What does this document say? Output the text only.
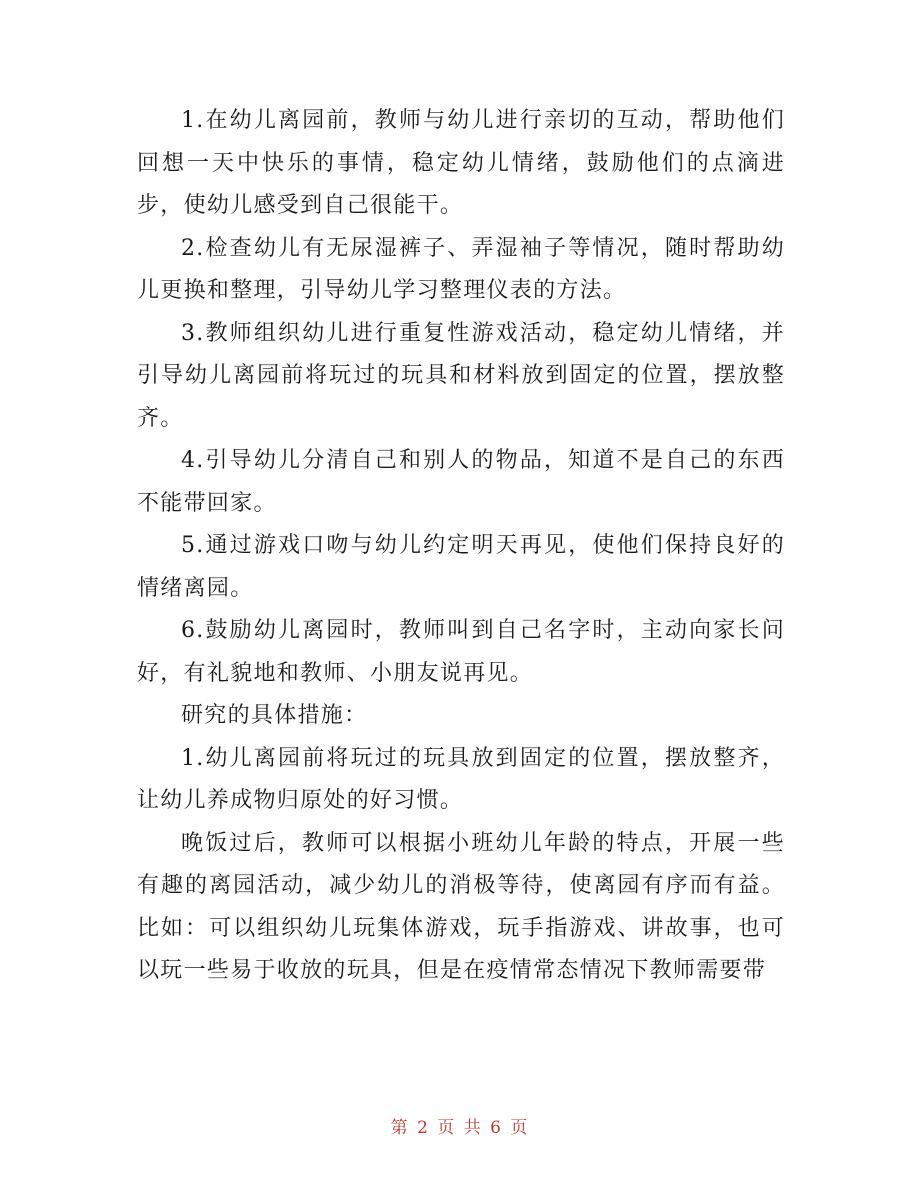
1.在幼儿离园前，教师与幼儿进行亲切的互动，帮助他们回想一天中快乐的事情，稳定幼儿情绪，鼓励他们的点滴进步，使幼儿感受到自己很能干。

2.检查幼儿有无尿湿裤子、弄湿袖子等情况，随时帮助幼儿更换和整理，引导幼儿学习整理仪表的方法。

3.教师组织幼儿进行重复性游戏活动，稳定幼儿情绪，并引导幼儿离园前将玩过的玩具和材料放到固定的位置，摆放整齐。

4.引导幼儿分清自己和别人的物品，知道不是自己的东西不能带回家。

5.通过游戏口吻与幼儿约定明天再见，使他们保持良好的情绪离园。

6.鼓励幼儿离园时，教师叫到自己名字时，主动向家长问好，有礼貌地和教师、小朋友说再见。

研究的具体措施：

1.幼儿离园前将玩过的玩具放到固定的位置，摆放整齐，让幼儿养成物归原处的好习惯。

晚饭过后，教师可以根据小班幼儿年龄的特点，开展一些有趣的离园活动，减少幼儿的消极等待，使离园有序而有益。比如：可以组织幼儿玩集体游戏，玩手指游戏、讲故事，也可以玩一些易于收放的玩具，但是在疫情常态情况下教师需要带

第 2 页 共 6 页
